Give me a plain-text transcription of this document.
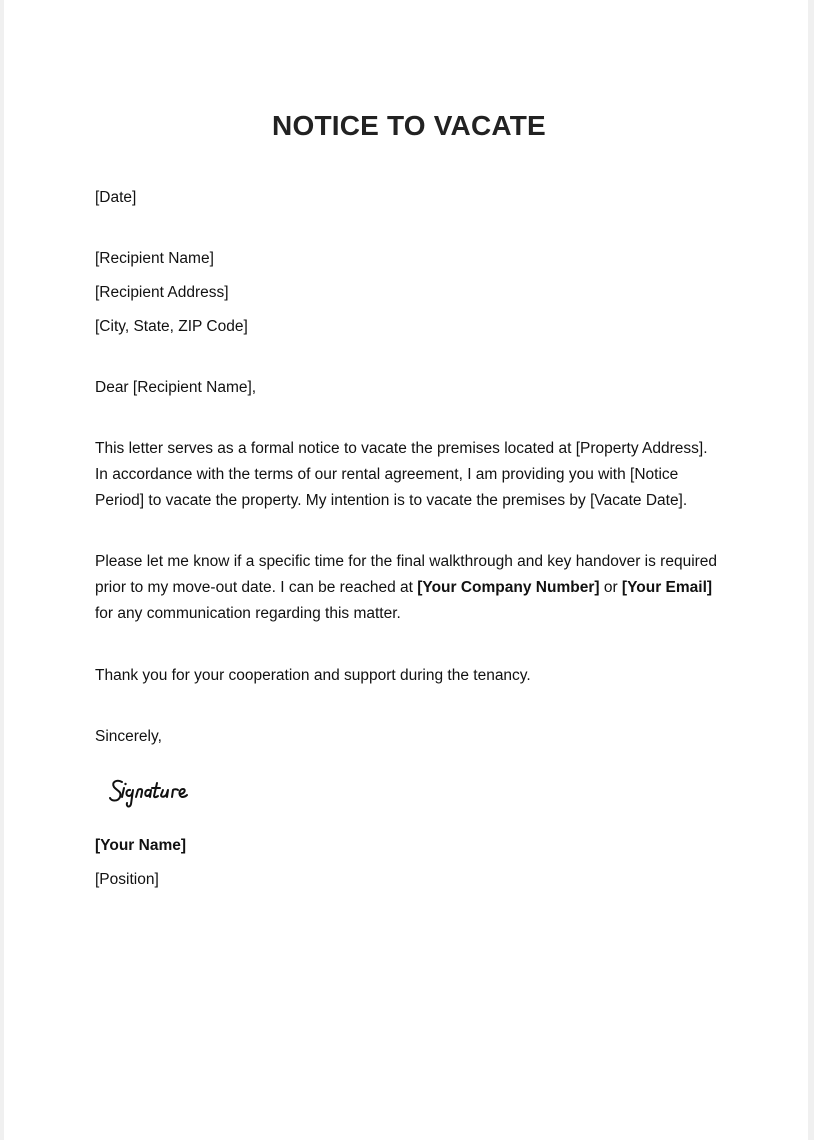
NOTICE TO VACATE
[Date]
[Recipient Name]
[Recipient Address]
[City, State, ZIP Code]
Dear [Recipient Name],
This letter serves as a formal notice to vacate the premises located at [Property Address]. In accordance with the terms of our rental agreement, I am providing you with [Notice Period] to vacate the property. My intention is to vacate the premises by [Vacate Date].
Please let me know if a specific time for the final walkthrough and key handover is required prior to my move-out date. I can be reached at [Your Company Number] or [Your Email] for any communication regarding this matter.
Thank you for your cooperation and support during the tenancy.
Sincerely,
[Your Name]
[Position]
